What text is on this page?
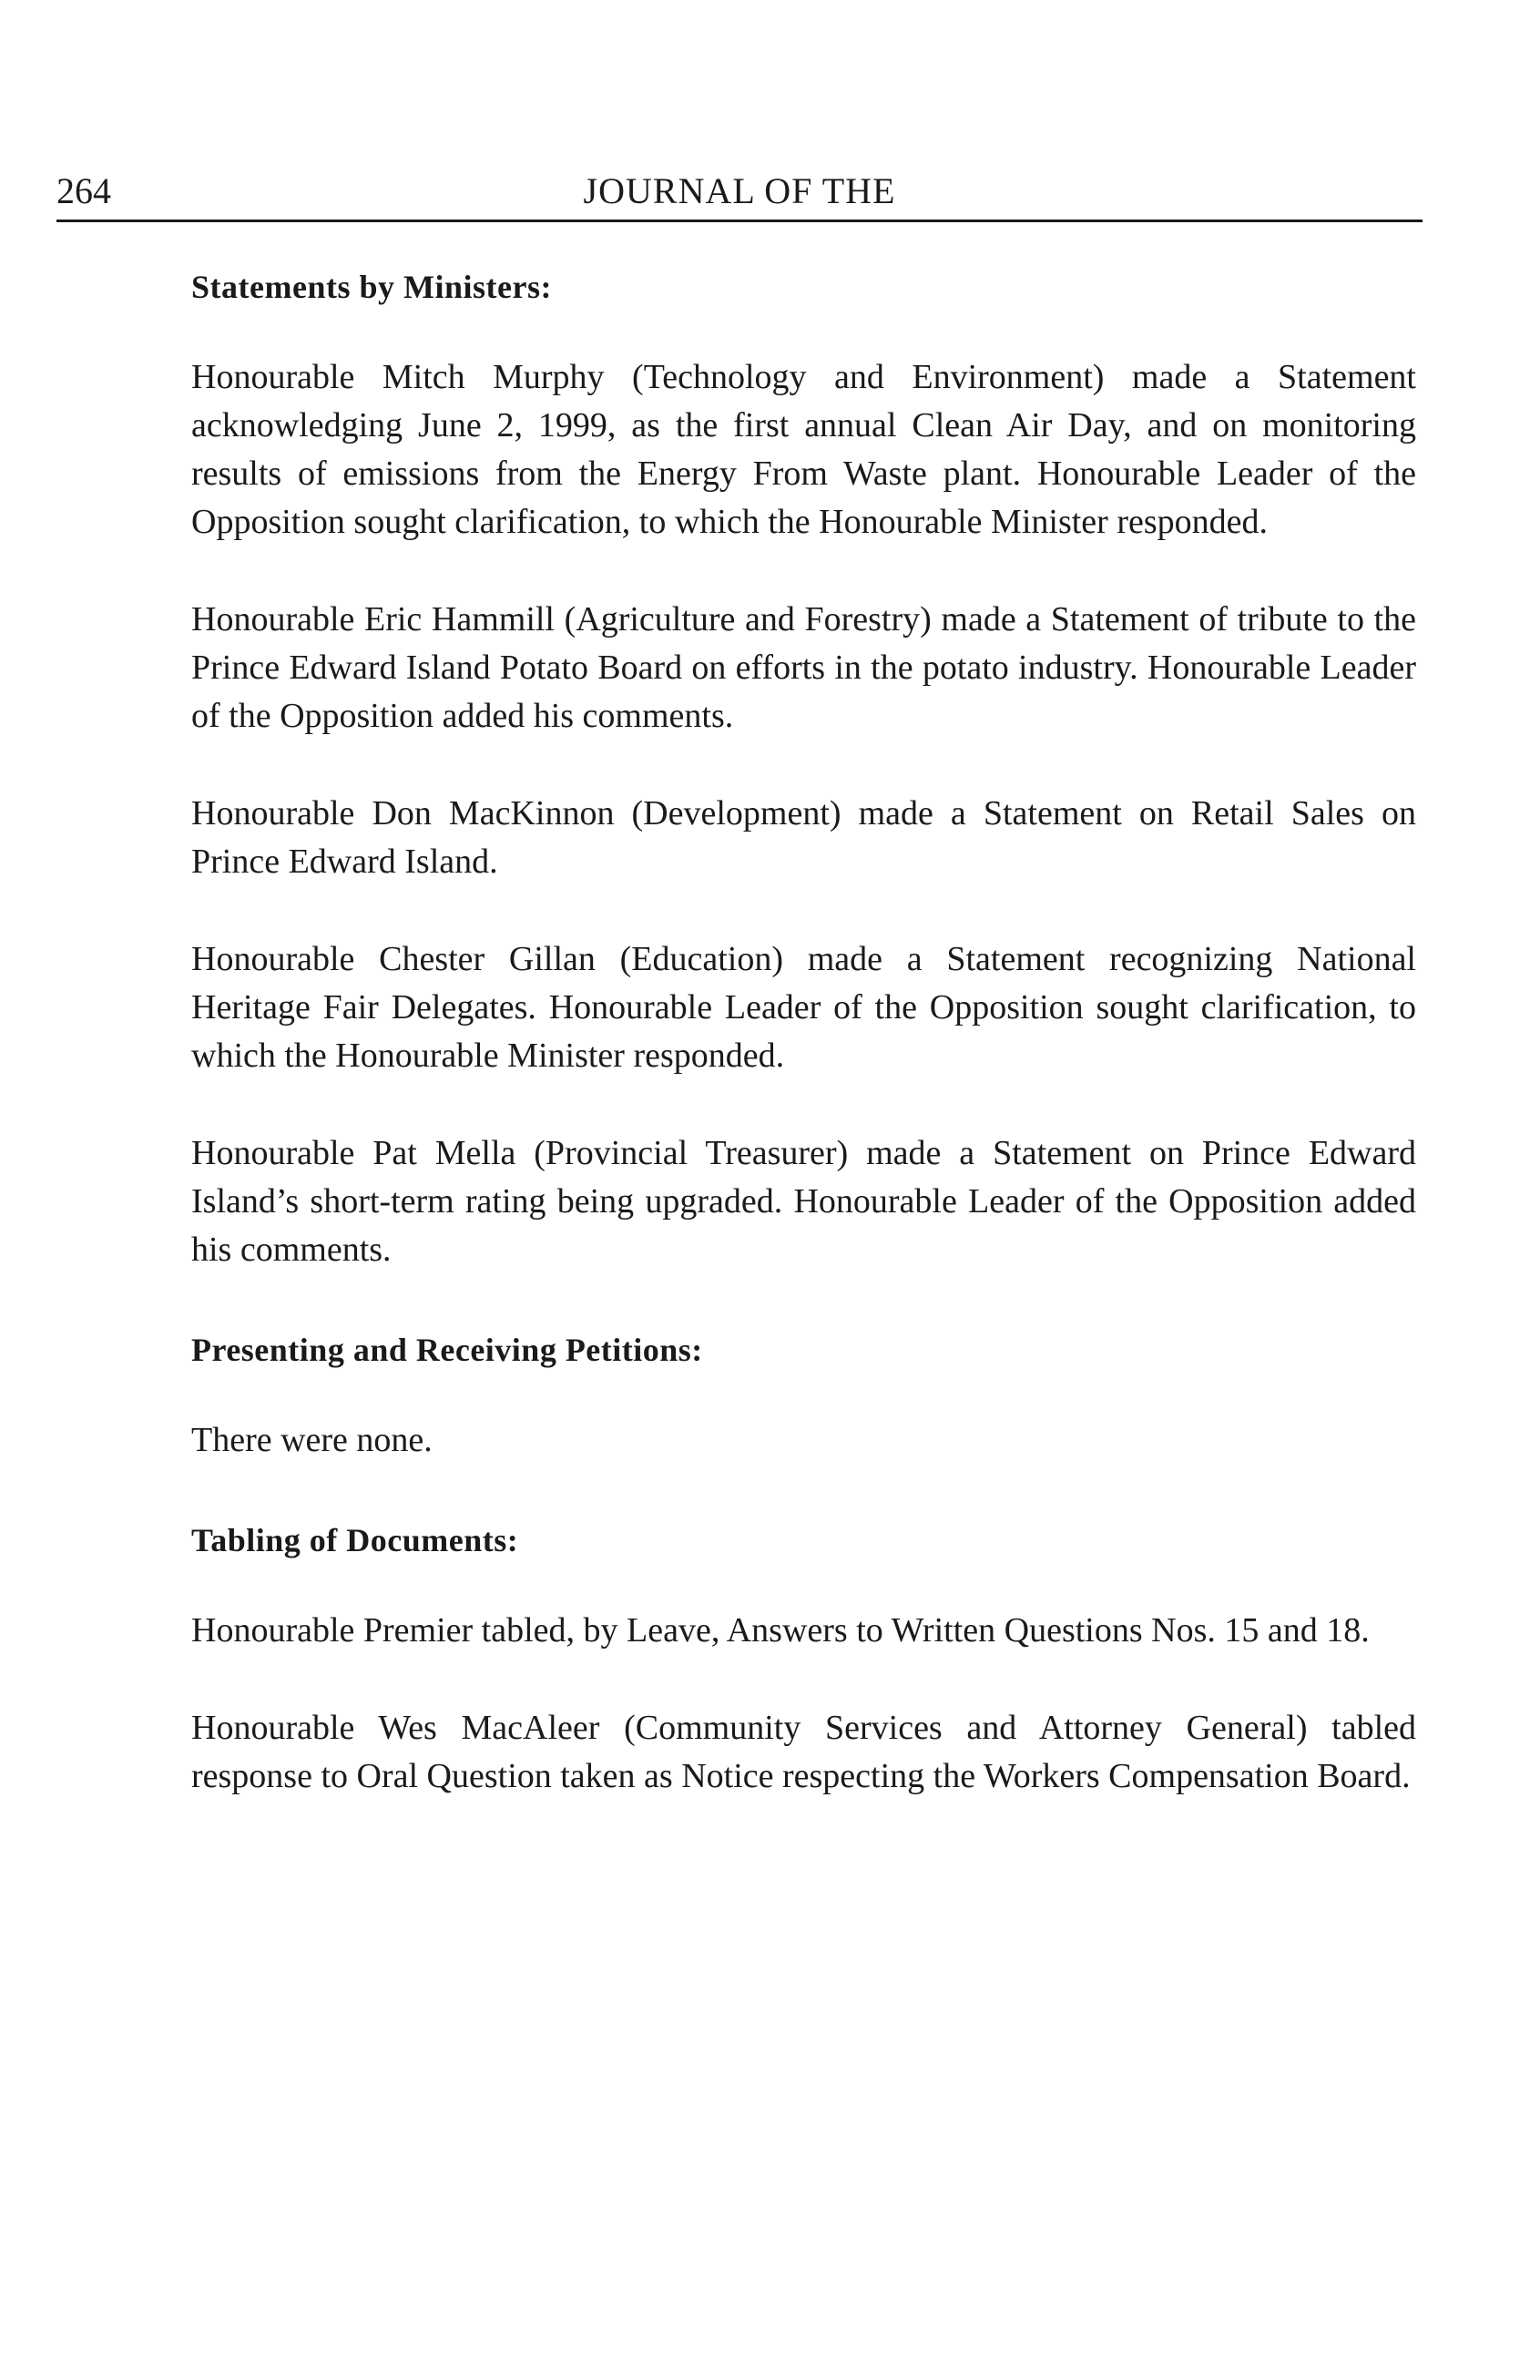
264	JOURNAL OF THE
Statements by Ministers:

Honourable Mitch Murphy (Technology and Environment) made a Statement acknowledging June 2, 1999, as the first annual Clean Air Day, and on monitoring results of emissions from the Energy From Waste plant. Honourable Leader of the Opposition sought clarification, to which the Honourable Minister responded.

Honourable Eric Hammill (Agriculture and Forestry) made a Statement of tribute to the Prince Edward Island Potato Board on efforts in the potato industry. Honourable Leader of the Opposition added his comments.

Honourable Don MacKinnon (Development) made a Statement on Retail Sales on Prince Edward Island.

Honourable Chester Gillan (Education) made a Statement recognizing National Heritage Fair Delegates. Honourable Leader of the Opposition sought clarification, to which the Honourable Minister responded.

Honourable Pat Mella (Provincial Treasurer) made a Statement on Prince Edward Island’s short-term rating being upgraded. Honourable Leader of the Opposition added his comments.

Presenting and Receiving Petitions:

There were none.

Tabling of Documents:

Honourable Premier tabled, by Leave, Answers to Written Questions Nos. 15 and 18.

Honourable Wes MacAleer (Community Services and Attorney General) tabled response to Oral Question taken as Notice respecting the Workers Compensation Board.
